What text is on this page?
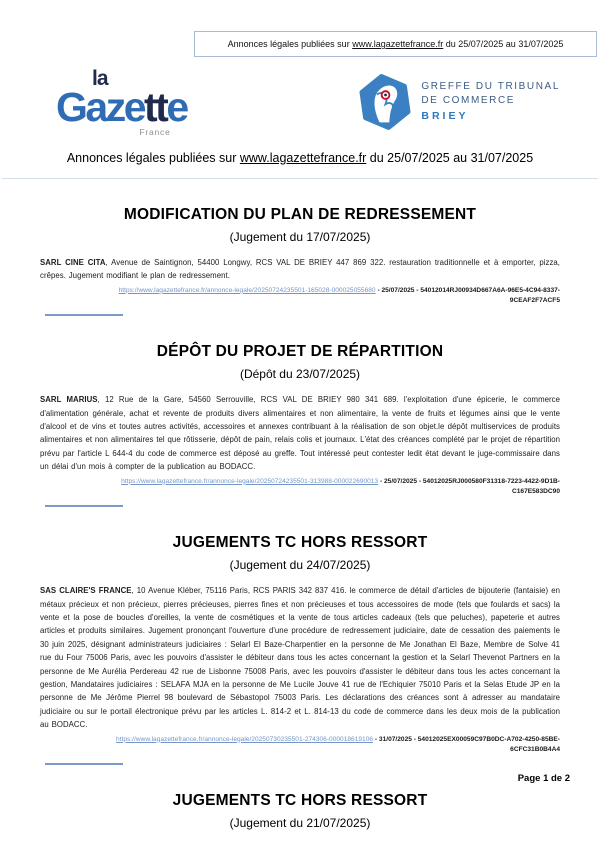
Annonces légales publiées sur www.lagazettefrance.fr du 25/07/2025 au 31/07/2025
la
Gazette
France
GREFFE DU TRIBUNAL
DE COMMERCE
BRIEY
Annonces légales publiées sur www.lagazettefrance.fr du 25/07/2025 au 31/07/2025
MODIFICATION DU PLAN DE REDRESSEMENT
(Jugement du 17/07/2025)

SARL CINE CITA, Avenue de Saintignon, 54400 Longwy, RCS VAL DE BRIEY 447 869 322. restauration traditionnelle et à emporter, pizza, crêpes. Jugement modifiant le plan de redressement.

https://www.lagazettefrance.fr/annonce-legale/20250724235501-165028-000025055680 - 25/07/2025 - 54012014RJ00934D667A6A-96E5-4C94-8337-9CEAF2F7ACF5
DÉPÔT DU PROJET DE RÉPARTITION
(Dépôt du 23/07/2025)

SARL MARIUS, 12 Rue de la Gare, 54560 Serrouville, RCS VAL DE BRIEY 980 341 689. l'exploitation d'une épicerie, le commerce d'alimentation générale, achat et revente de produits divers alimentaires et non alimentaire, la vente de fruits et légumes ainsi que le vente d'alcool et de vins et toutes autres activités, accessoires et annexes contribuant à la réalisation de son objet.le dépôt multiservices de produits alimentaires et non alimentaires tel que rôtisserie, dépôt de pain, relais colis et journaux. L'état des créances complété par le projet de répartition prévu par l'article L 644-4 du code de commerce est déposé au greffe. Tout intéressé peut contester ledit état devant le juge-commissaire dans un délai d'un mois à compter de la publication au BODACC.

https://www.lagazettefrance.fr/annonce-legale/20250724235501-313988-000022690013 - 25/07/2025 - 54012025RJ000580F31318-7223-4422-9D1B-C167E583DC90
JUGEMENTS TC HORS RESSORT
(Jugement du 24/07/2025)

SAS CLAIRE'S FRANCE, 10 Avenue Kléber, 75116 Paris, RCS PARIS 342 837 416. le commerce de détail d'articles de bijouterie (fantaisie) en métaux précieux et non précieux, pierres précieuses, pierres fines et non précieuses et tous accessoires de mode (tels que foulards et sacs) la vente et la pose de boucles d'oreilles, la vente de cosmétiques et la vente de tous articles cadeaux (tels que peluches), papeterie et autres articles et produits similaires. Jugement prononçant l'ouverture d'une procédure de redressement judiciaire, date de cessation des paiements le 30 juin 2025, désignant administrateurs judiciaires : Selarl El Baze-Charpentier en la personne de Me Jonathan El Baze, Membre de Solve 41 rue du Four 75006 Paris, avec les pouvoirs d'assister le débiteur dans tous les actes concernant la gestion et la Selarl Thevenot Partners en la personne de Me Aurélia Perdereau 42 rue de Lisbonne 75008 Paris, avec les pouvoirs d'assister le débiteur dans tous les actes concernant la gestion, Mandataires judiciaires : SELAFA MJA en la personne de Me Lucile Jouve 41 rue de l'Echiquier 75010 Paris et la Selas Etude JP en la personne de Me Jérôme Pierrel 98 boulevard de Sébastopol 75003 Paris. Les déclarations des créances sont à adresser au mandataire judiciaire ou sur le portail électronique prévu par les articles L. 814-2 et L. 814-13 du code de commerce dans les deux mois de la publication au BODACC.

https://www.lagazettefrance.fr/annonce-legale/20250730235501-274306-000018619106 - 31/07/2025 - 54012025EX00059C97B0DC-A702-4250-85BE-6CFC31B0B4A4
JUGEMENTS TC HORS RESSORT
(Jugement du 21/07/2025)
Page 1 de 2
